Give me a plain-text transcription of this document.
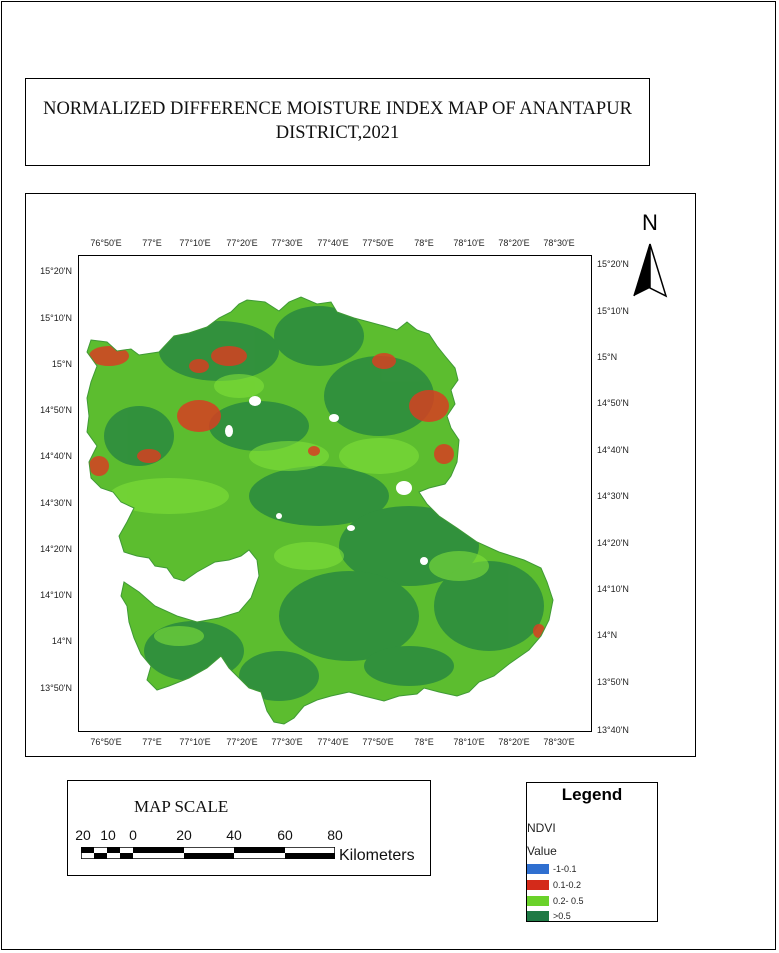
NORMALIZED DIFFERENCE MOISTURE INDEX MAP OF ANANTAPUR DISTRICT,2021
76°50'E 77°E 77°10'E 77°20'E 77°30'E 77°40'E 77°50'E 78°E 78°10'E 78°20'E 78°30'E
76°50'E 77°E 77°10'E 77°20'E 77°30'E 77°40'E 77°50'E 78°E 78°10'E 78°20'E 78°30'E
15°20'N
15°10'N
15°N
14°50'N
14°40'N
14°30'N
14°20'N
14°10'N
14°N
13°50'N
15°20'N
15°10'N
15°N
14°50'N
14°40'N
14°30'N
14°20'N
14°10'N
14°N
13°50'N
13°40'N
N
MAP SCALE
20 10 0	20 40	60 80
Kilometers
Legend
NDVI
Value
-1-0.1
0.1-0.2
0.2- 0.5
>0.5
